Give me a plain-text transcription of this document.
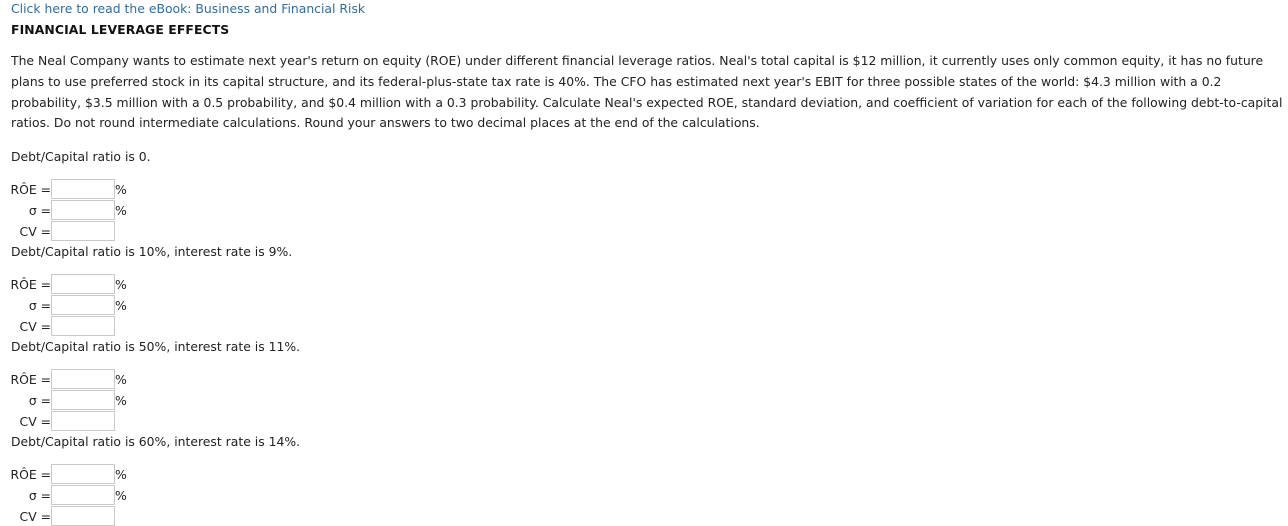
Click here to read the eBook: Business and Financial Risk
FINANCIAL LEVERAGE EFFECTS

The Neal Company wants to estimate next year's return on equity (ROE) under different financial leverage ratios. Neal's total capital is $12 million, it currently uses only common equity, it has no future plans to use preferred stock in its capital structure, and its federal-plus-state tax rate is 40%. The CFO has estimated next year's EBIT for three possible states of the world: $4.3 million with a 0.2 probability, $3.5 million with a 0.5 probability, and $0.4 million with a 0.3 probability. Calculate Neal's expected ROE, standard deviation, and coefficient of variation for each of the following debt-to-capital ratios. Do not round intermediate calculations. Round your answers to two decimal places at the end of the calculations.

Debt/Capital ratio is 0.
RÔE =	%
σ =	%
CV =
Debt/Capital ratio is 10%, interest rate is 9%.
RÔE =	%
σ =	%
CV =
Debt/Capital ratio is 50%, interest rate is 11%.
RÔE =	%
σ =	%
CV =
Debt/Capital ratio is 60%, interest rate is 14%.
RÔE =	%
σ =	%
CV =
